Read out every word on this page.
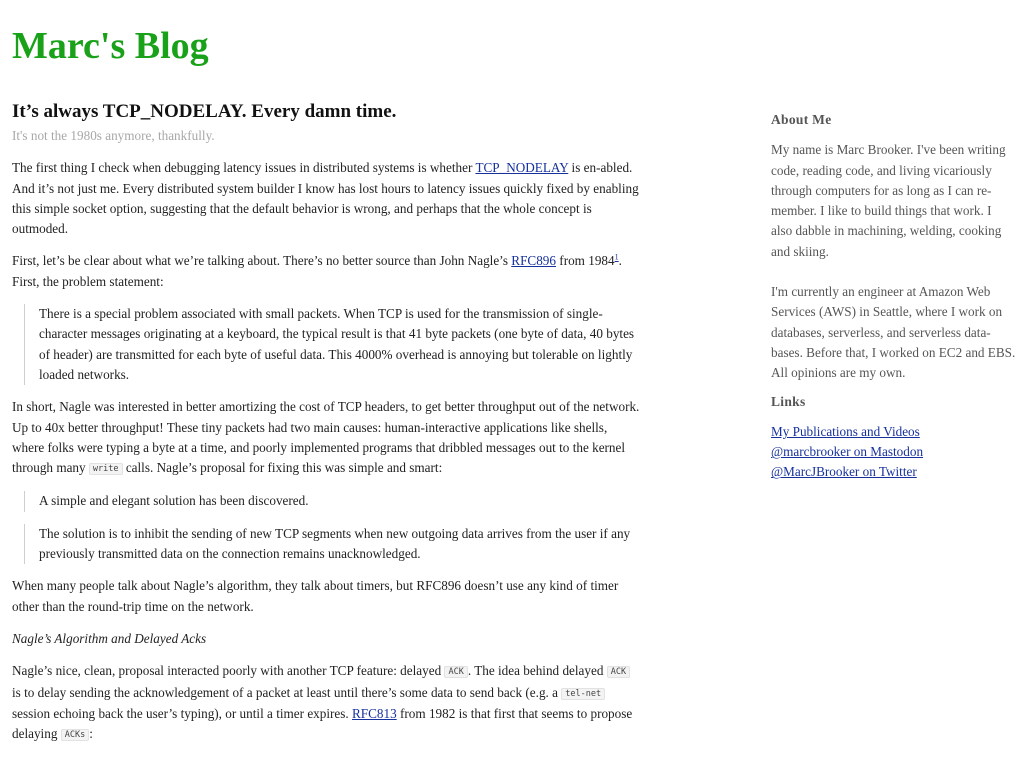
Marc's Blog
It’s always TCP_NODELAY. Every damn time.

It's not the 1980s anymore, thankfully.

The first thing I check when debugging latency issues in distributed systems is whether TCP_NODELAY is en-abled. And it’s not just me. Every distributed system builder I know has lost hours to latency issues quickly fixed by enabling this simple socket option, suggesting that the default behavior is wrong, and perhaps that the whole concept is outmoded.

First, let’s be clear about what we’re talking about. There’s no better source than John Nagle’s RFC896 from 1984$^1$. First, the problem statement:

There is a special problem associated with small packets. When TCP is used for the transmission of single-character messages originating at a keyboard, the typical result is that 41 byte packets (one byte of data, 40 bytes of header) are transmitted for each byte of useful data. This 4000% overhead is annoying but tolerable on lightly loaded networks.

In short, Nagle was interested in better amortizing the cost of TCP headers, to get better throughput out of the network. Up to 40x better throughput! These tiny packets had two main causes: human-interactive applications like shells, where folks were typing a byte at a time, and poorly implemented programs that dribbled messages out to the kernel through many write calls. Nagle’s proposal for fixing this was simple and smart:

A simple and elegant solution has been discovered.

The solution is to inhibit the sending of new TCP segments when new outgoing data arrives from the user if any previously transmitted data on the connection remains unacknowledged.

When many people talk about Nagle’s algorithm, they talk about timers, but RFC896 doesn’t use any kind of timer other than the round-trip time on the network.

Nagle’s Algorithm and Delayed Acks

Nagle’s nice, clean, proposal interacted poorly with another TCP feature: delayed ACK . The idea behind delayed ACK is to delay sending the acknowledgement of a packet at least until there’s some data to send back (e.g. a tel-net session echoing back the user’s typing), or until a timer expires. RFC813 from 1982 is that first that seems to propose delaying ACKs :

About Me

My name is Marc Brooker. I've been writing code, reading code, and living vicariously through computers for as long as I can re-member. I like to build things that work. I also dabble in machining, welding, cooking and skiing.

I'm currently an engineer at Amazon Web Services (AWS) in Seattle, where I work on databases, serverless, and serverless data-bases. Before that, I worked on EC2 and EBS.

All opinions are my own.

Links
My Publications and Videos
@marcbrooker on Mastodon
@MarcJBrooker on Twitter
